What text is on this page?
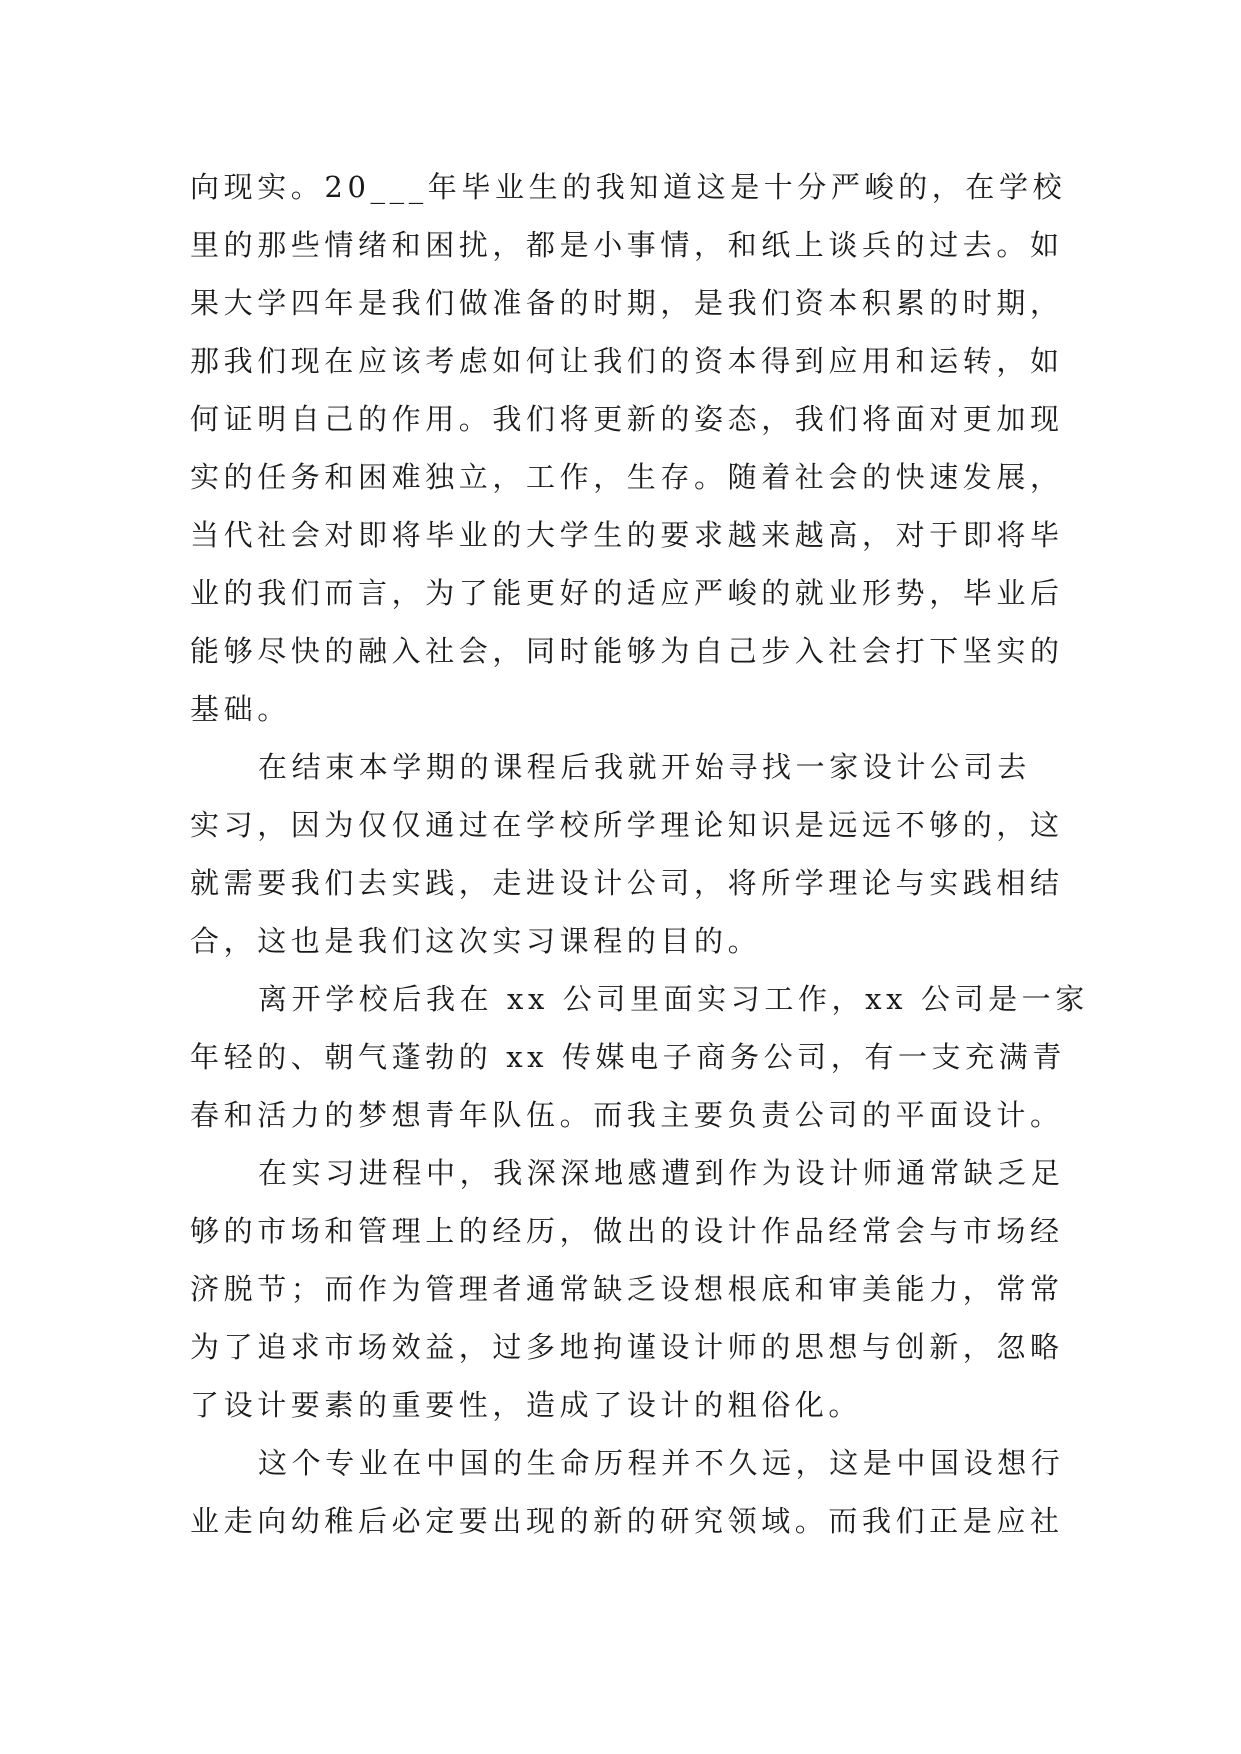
向现实。20___年毕业生的我知道这是十分严峻的，在学校
里的那些情绪和困扰，都是小事情，和纸上谈兵的过去。如
果大学四年是我们做准备的时期，是我们资本积累的时期，
那我们现在应该考虑如何让我们的资本得到应用和运转，如
何证明自己的作用。我们将更新的姿态，我们将面对更加现
实的任务和困难独立，工作，生存。随着社会的快速发展，
当代社会对即将毕业的大学生的要求越来越高，对于即将毕
业的我们而言，为了能更好的适应严峻的就业形势，毕业后
能够尽快的融入社会，同时能够为自己步入社会打下坚实的
基础。
在结束本学期的课程后我就开始寻找一家设计公司去
实习，因为仅仅通过在学校所学理论知识是远远不够的，这
就需要我们去实践，走进设计公司，将所学理论与实践相结
合，这也是我们这次实习课程的目的。
离开学校后我在 xx 公司里面实习工作，xx 公司是一家
年轻的、朝气蓬勃的 xx 传媒电子商务公司，有一支充满青
春和活力的梦想青年队伍。而我主要负责公司的平面设计。
在实习进程中，我深深地感遭到作为设计师通常缺乏足
够的市场和管理上的经历，做出的设计作品经常会与市场经
济脱节；而作为管理者通常缺乏设想根底和审美能力，常常
为了追求市场效益，过多地拘谨设计师的思想与创新，忽略
了设计要素的重要性，造成了设计的粗俗化。
这个专业在中国的生命历程并不久远，这是中国设想行
业走向幼稚后必定要出现的新的研究领域。而我们正是应社
